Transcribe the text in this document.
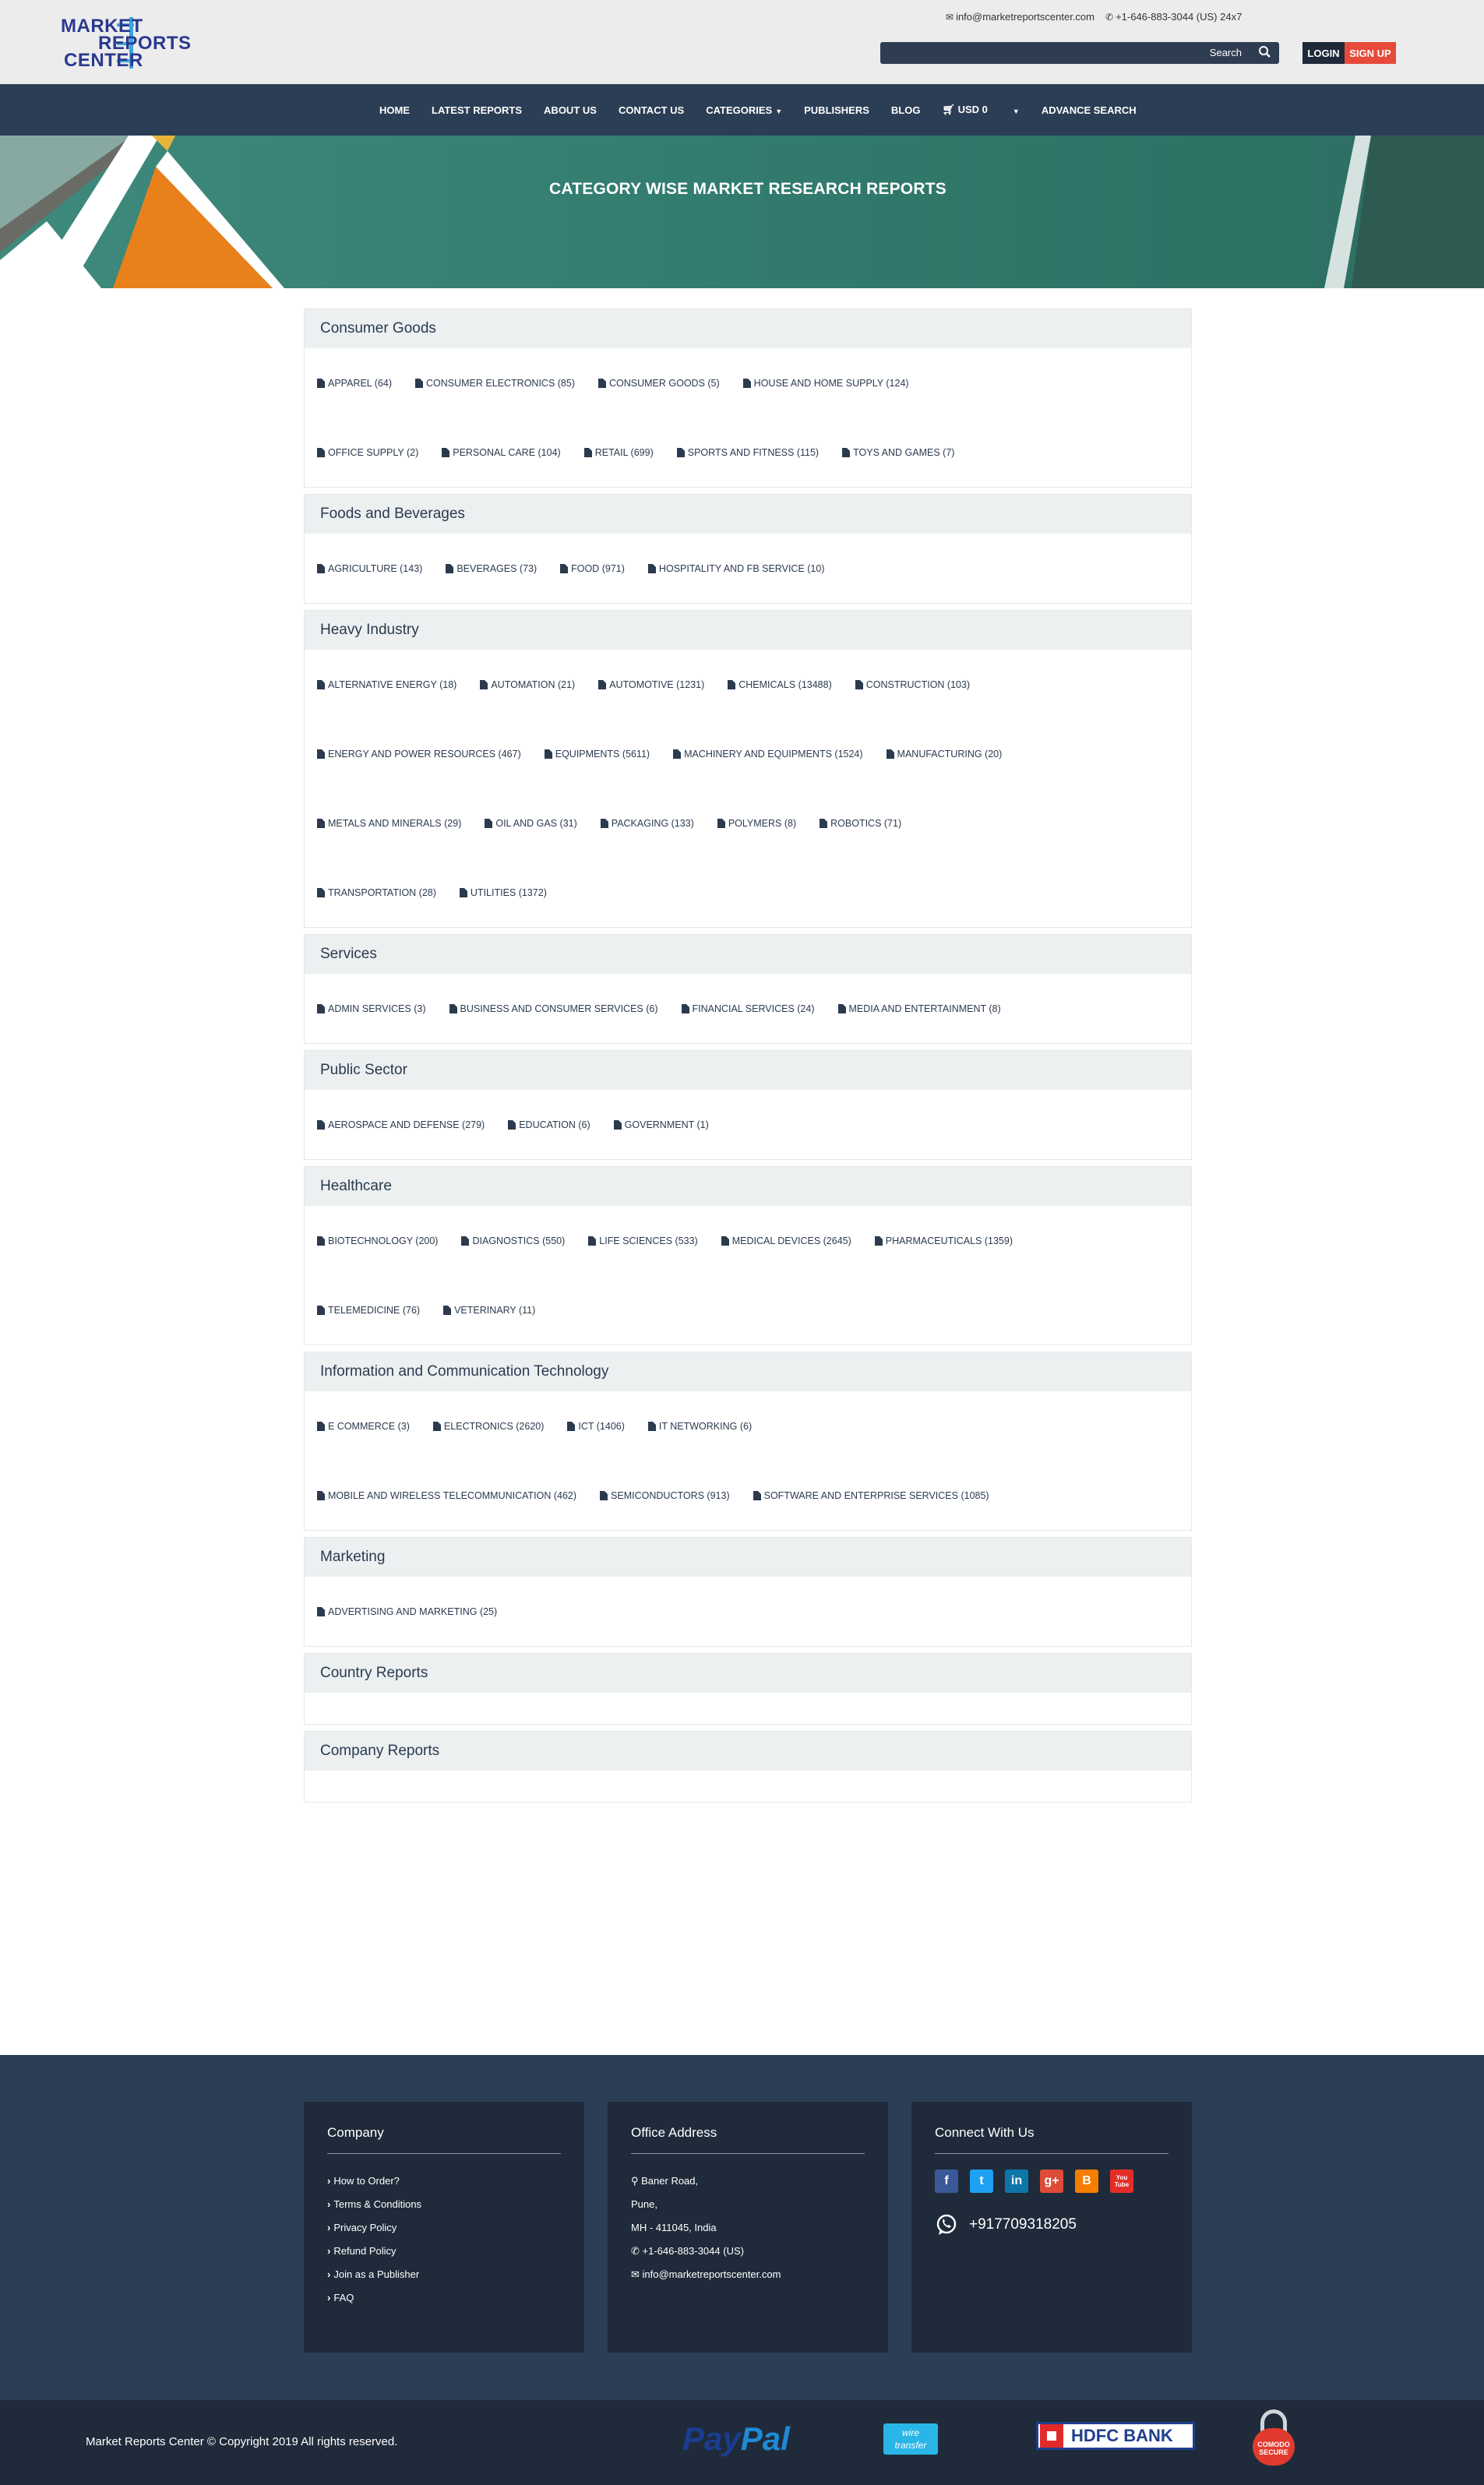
MARKET
REPORTS
CENTER
✉ info@marketreportscenter.com ✆ +1-646-883-3044 (US) 24x7
Search	LOGIN SIGN UP
HOME LATEST REPORTS ABOUT US CONTACT US CATEGORIES ▼ PUBLISHERS BLOG 🛒︎ USD 0	▼ ADVANCE SEARCH
CATEGORY WISE MARKET RESEARCH REPORTS
Consumer Goods
APPAREL (64)	CONSUMER ELECTRONICS (85)	CONSUMER GOODS (5)	HOUSE AND HOME SUPPLY (124)
OFFICE SUPPLY (2)	PERSONAL CARE (104)	RETAIL (699)	SPORTS AND FITNESS (115)	TOYS AND GAMES (7)
Foods and Beverages
AGRICULTURE (143)	BEVERAGES (73)	FOOD (971)	HOSPITALITY AND FB SERVICE (10)
Heavy Industry
ALTERNATIVE ENERGY (18)	AUTOMATION (21)	AUTOMOTIVE (1231)	CHEMICALS (13488)	CONSTRUCTION (103)
ENERGY AND POWER RESOURCES (467)	EQUIPMENTS (5611)	MACHINERY AND EQUIPMENTS (1524)	MANUFACTURING (20)
METALS AND MINERALS (29)	OIL AND GAS (31)	PACKAGING (133)	POLYMERS (8)	ROBOTICS (71)
TRANSPORTATION (28)	UTILITIES (1372)
Services
ADMIN SERVICES (3)	BUSINESS AND CONSUMER SERVICES (6)	FINANCIAL SERVICES (24)	MEDIA AND ENTERTAINMENT (8)
Public Sector
AEROSPACE AND DEFENSE (279)	EDUCATION (6)	GOVERNMENT (1)
Healthcare
BIOTECHNOLOGY (200)	DIAGNOSTICS (550)	LIFE SCIENCES (533)	MEDICAL DEVICES (2645)	PHARMACEUTICALS (1359)
TELEMEDICINE (76)	VETERINARY (11)
Information and Communication Technology
E COMMERCE (3)	ELECTRONICS (2620)	ICT (1406)	IT NETWORKING (6)
MOBILE AND WIRELESS TELECOMMUNICATION (462)	SEMICONDUCTORS (913)	SOFTWARE AND ENTERPRISE SERVICES (1085)
Marketing
ADVERTISING AND MARKETING (25)
Country Reports
Company Reports
Company
› How to Order?
› Terms & Conditions
› Privacy Policy
› Refund Policy
› Join as a Publisher
› FAQ
Office Address
⚲ Baner Road,
Pune,
MH - 411045, India
✆ +1-646-883-3044 (US)
✉ info@marketreportscenter.com
Connect With Us
f	t	in	g+	B	You Tube
+917709318205
Market Reports Center © Copyright 2019 All rights reserved.	PayPal	wire
transfer	HDFC BANK	COMODO
SECURE
